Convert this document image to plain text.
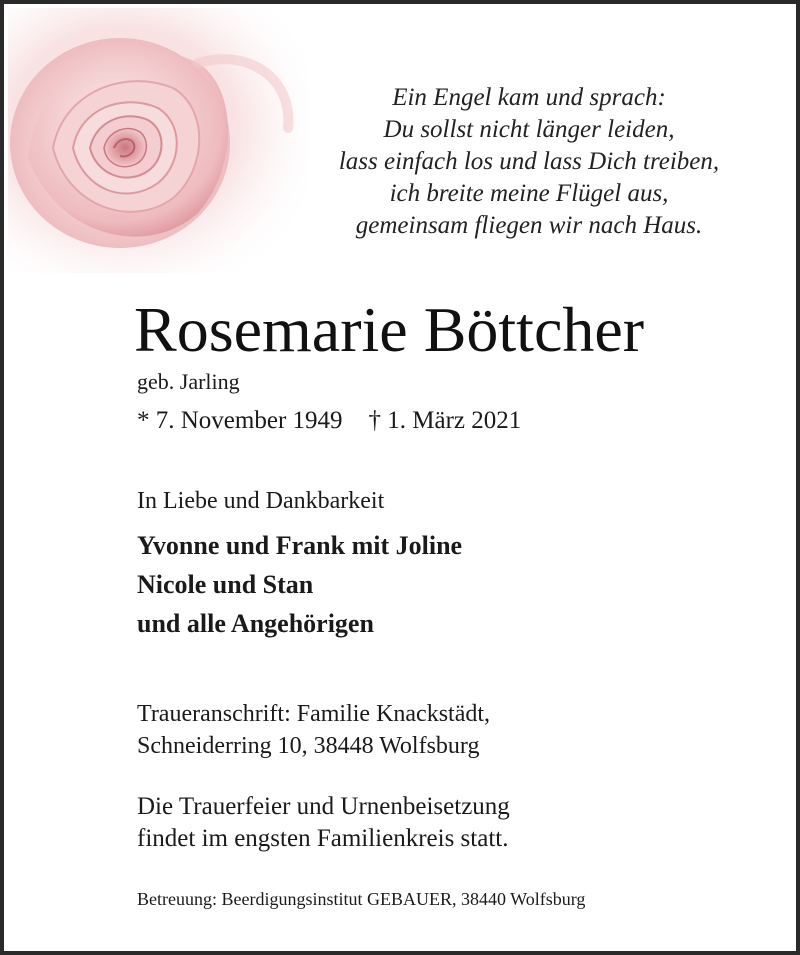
Ein Engel kam und sprach:
Du sollst nicht länger leiden,
lass einfach los und lass Dich treiben,
ich breite meine Flügel aus,
gemeinsam fliegen wir nach Haus.
Rosemarie Böttcher
geb. Jarling
* 7. November 1949 † 1. März 2021
In Liebe und Dankbarkeit
Yvonne und Frank mit Joline
Nicole und Stan
und alle Angehörigen
Traueranschrift: Familie Knackstädt,
Schneiderring 10, 38448 Wolfsburg
Die Trauerfeier und Urnenbeisetzung
findet im engsten Familienkreis statt.
Betreuung: Beerdigungsinstitut GEBAUER, 38440 Wolfsburg
